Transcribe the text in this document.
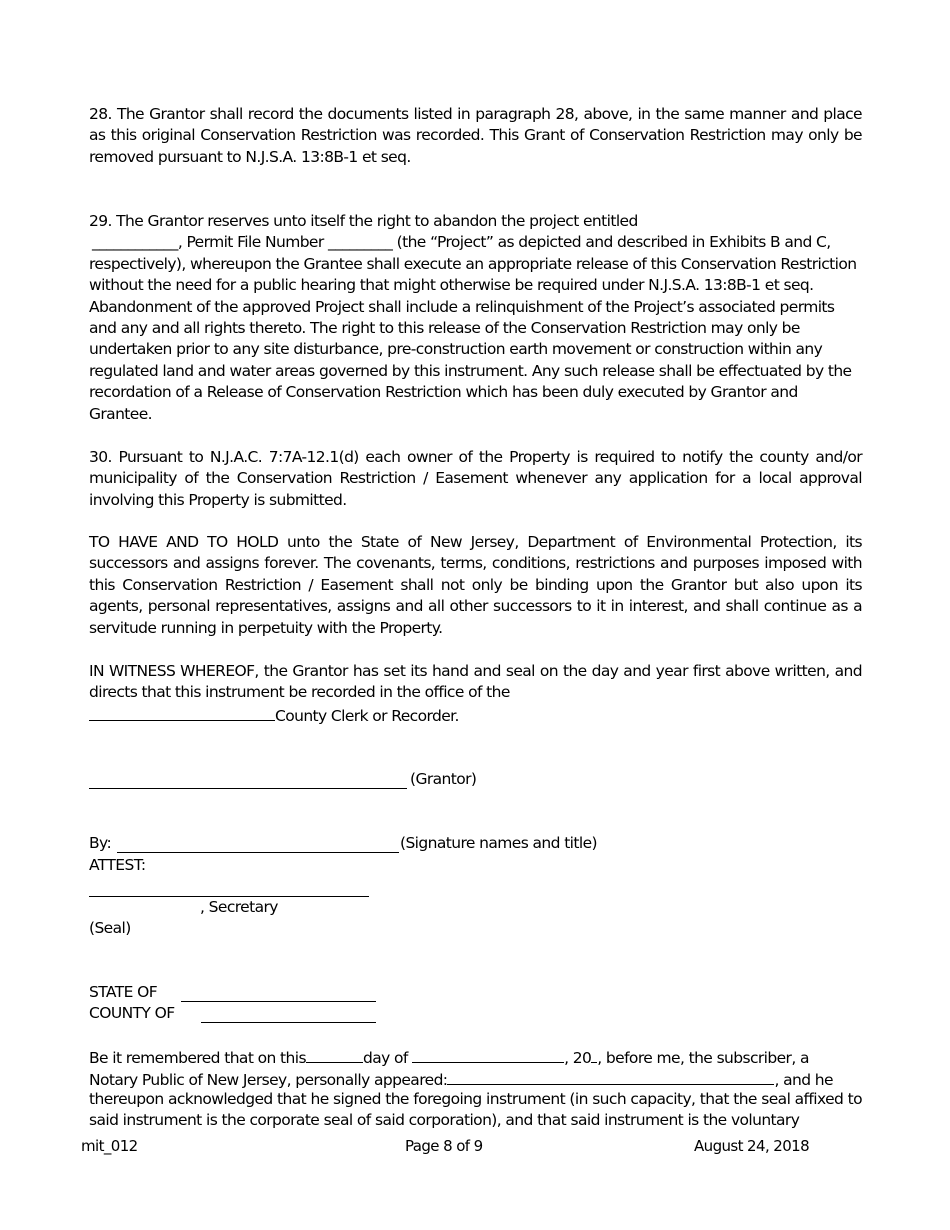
28. The Grantor shall record the documents listed in paragraph 28, above, in the same manner and place as this original Conservation Restriction was recorded. This Grant of Conservation Restriction may only be removed pursuant to N.J.S.A. 13:8B-1 et seq.

29. The Grantor reserves unto itself the right to abandon the project entitled
____________, Permit File Number _________ (the “Project” as depicted and described in Exhibits B and C, respectively), whereupon the Grantee shall execute an appropriate release of this Conservation Restriction without the need for a public hearing that might otherwise be required under N.J.S.A. 13:8B-1 et seq. Abandonment of the approved Project shall include a relinquishment of the Project’s associated permits and any and all rights thereto. The right to this release of the Conservation Restriction may only be undertaken prior to any site disturbance, pre-construction earth movement or construction within any regulated land and water areas governed by this instrument. Any such release shall be effectuated by the recordation of a Release of Conservation Restriction which has been duly executed by Grantor and Grantee.

30. Pursuant to N.J.A.C. 7:7A-12.1(d) each owner of the Property is required to notify the county and/or municipality of the Conservation Restriction / Easement whenever any application for a local approval involving this Property is submitted.

TO HAVE AND TO HOLD unto the State of New Jersey, Department of Environmental Protection, its successors and assigns forever. The covenants, terms, conditions, restrictions and purposes imposed with this Conservation Restriction / Easement shall not only be binding upon the Grantor but also upon its agents, personal representatives, assigns and all other successors to it in interest, and shall continue as a servitude running in perpetuity with the Property.

IN WITNESS WHEREOF, the Grantor has set its hand and seal on the day and year first above written, and directs that this instrument be recorded in the office of the
County Clerk or Recorder.
(Grantor)
By:	(Signature names and title)
ATTEST:
, Secretary
(Seal)
STATE OF
COUNTY OF
Be it remembered that on this	day of	, 20 , before me, the subscriber, a
Notary Public of New Jersey, personally appeared:	, and he

thereupon acknowledged that he signed the foregoing instrument (in such capacity, that the seal affixed to said instrument is the corporate seal of said corporation), and that said instrument is the voluntary

mit_012	Page 8 of 9	August 24, 2018
